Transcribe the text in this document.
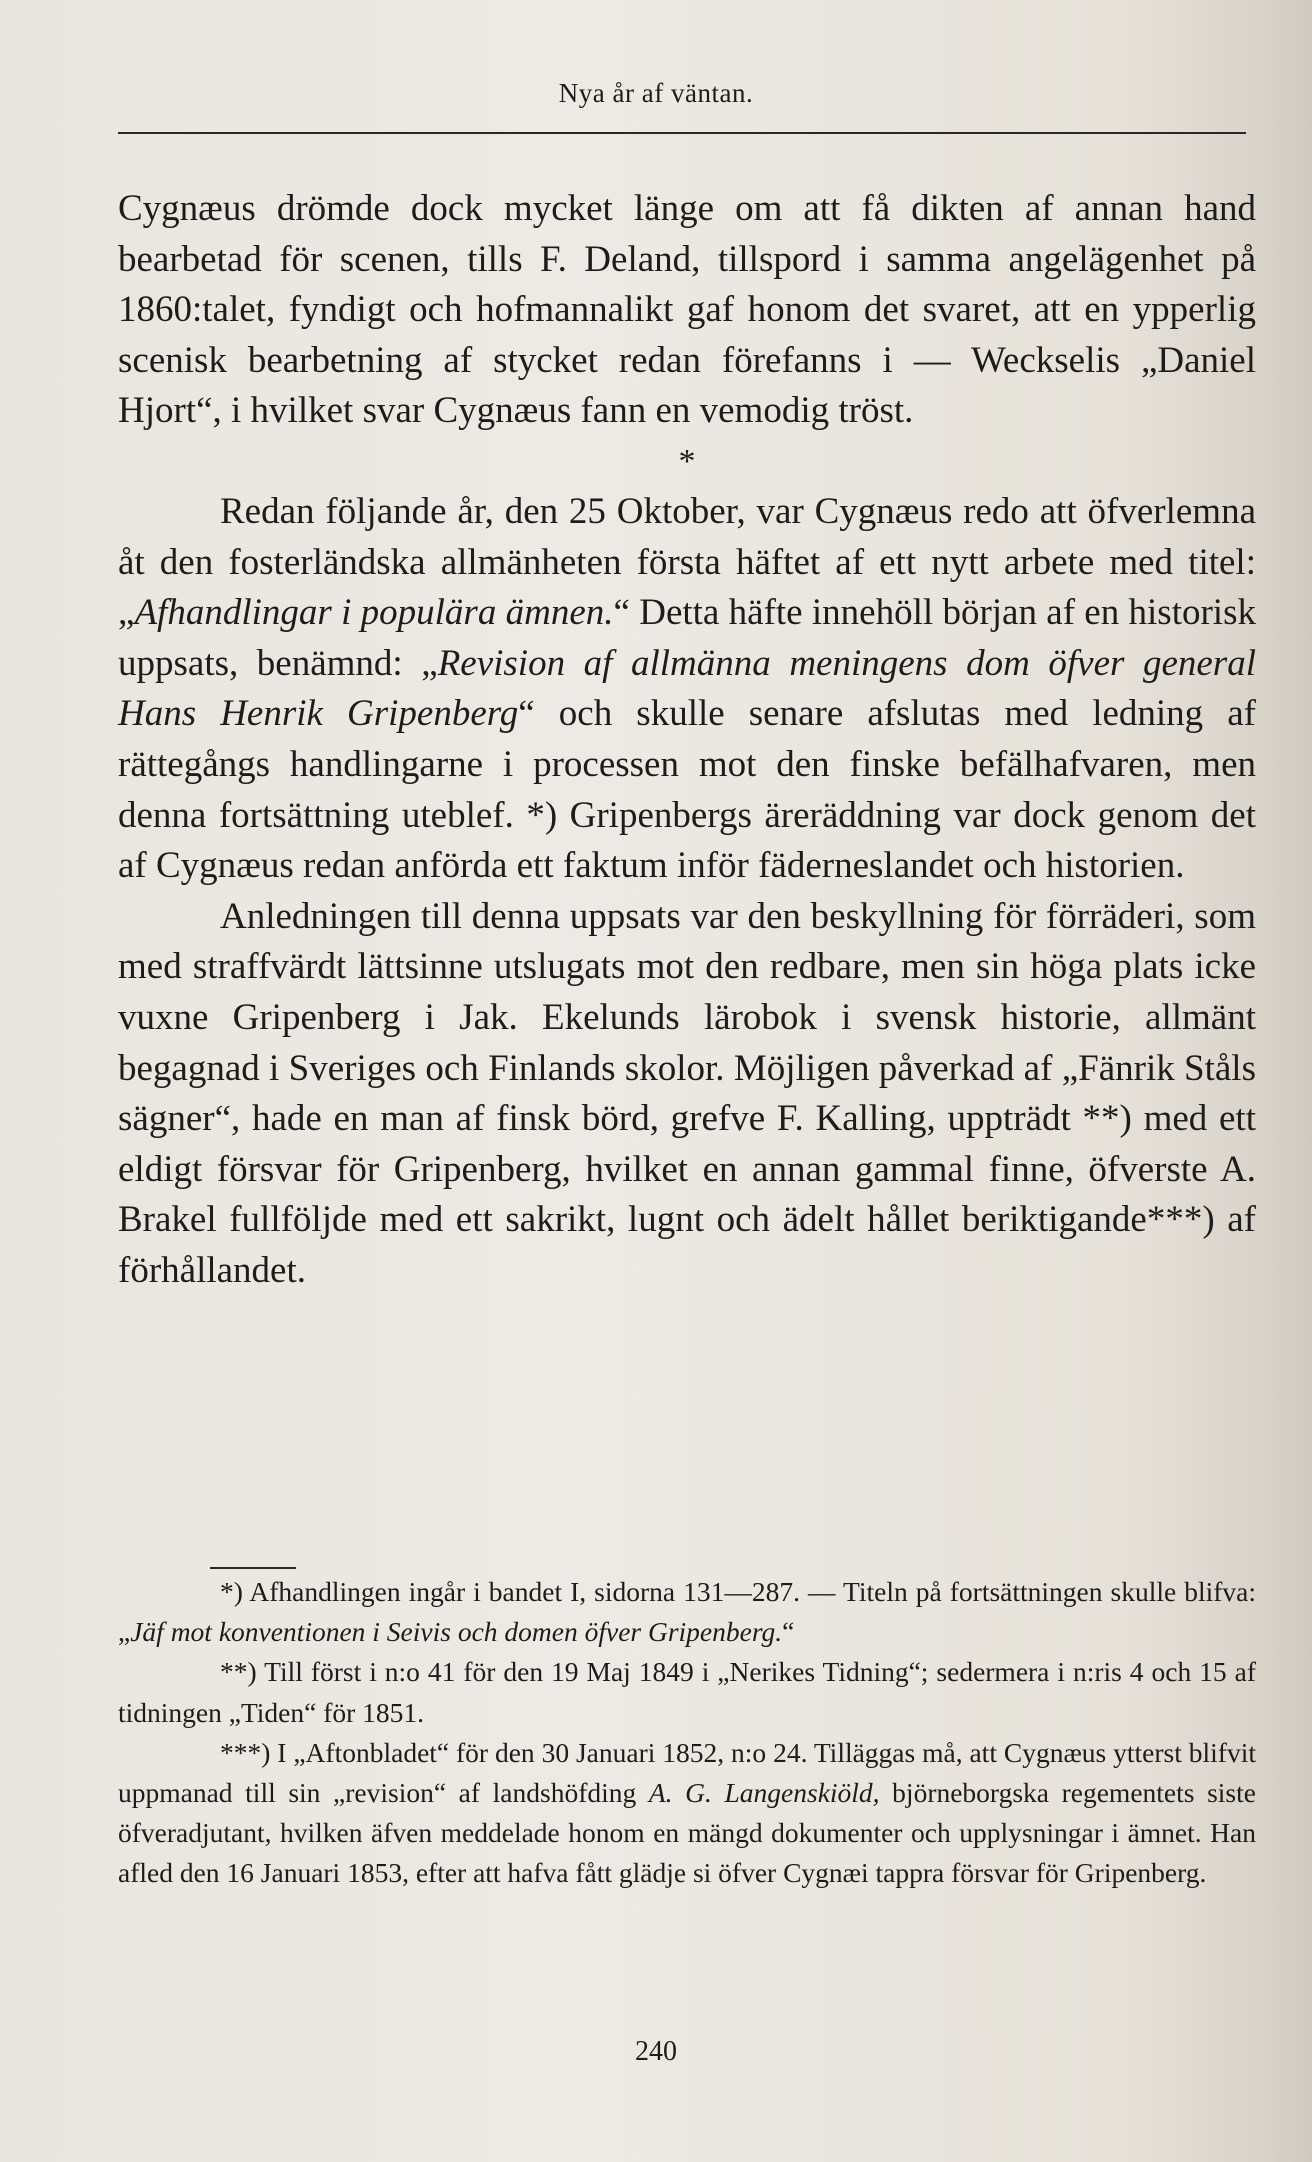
Nya år af väntan.

Cygnæus drömde dock mycket länge om att få dikten af annan hand bearbetad för scenen, tills F. Deland, tillspord i samma angelägenhet på 1860:talet, fyndigt och hofmannalikt gaf honom det svaret, att en ypperlig scenisk bearbetning af stycket redan förefanns i — Weckselis „Daniel Hjort“, i hvilket svar Cygnæus fann en vemodig tröst.

*

Redan följande år, den 25 Oktober, var Cygnæus redo att öfverlemna åt den fosterländska allmänheten första häftet af ett nytt arbete med titel: „Afhandlingar i populära ämnen.“ Detta häfte innehöll början af en historisk uppsats, benämnd: „Revision af allmänna meningens dom öfver general Hans Henrik Gripenberg“ och skulle senare afslutas med ledning af rättegångs handlingarne i processen mot den finske befälhafvaren, men denna fortsättning uteblef. *) Gripenbergs äreräddning var dock genom det af Cygnæus redan anförda ett faktum inför fäderneslandet och historien.

Anledningen till denna uppsats var den beskyllning för förräderi, som med straffvärdt lättsinne utslugats mot den redbare, men sin höga plats icke vuxne Gripenberg i Jak. Ekelunds lärobok i svensk historie, allmänt begagnad i Sveriges och Finlands skolor. Möjligen påverkad af „Fänrik Ståls sägner“, hade en man af finsk börd, grefve F. Kalling, uppträdt **) med ett eldigt försvar för Gripenberg, hvilket en annan gammal finne, öfverste A. Brakel fullföljde med ett sakrikt, lugnt och ädelt hållet beriktigande***) af förhållandet.

*) Afhandlingen ingår i bandet I, sidorna 131—287. — Titeln på fortsättningen skulle blifva: „Jäf mot konventionen i Seivis och domen öfver Gripenberg.“

**) Till först i n:o 41 för den 19 Maj 1849 i „Nerikes Tidning“; sedermera i n:ris 4 och 15 af tidningen „Tiden“ för 1851.

***) I „Aftonbladet“ för den 30 Januari 1852, n:o 24. Tilläggas må, att Cygnæus ytterst blifvit uppmanad till sin „revision“ af landshöfding A. G. Langenskiöld, björneborgska regementets siste öfveradjutant, hvilken äfven meddelade honom en mängd dokumenter och upplysningar i ämnet. Han afled den 16 Januari 1853, efter att hafva fått glädje si öfver Cygnæi tappra försvar för Gripenberg.

240
